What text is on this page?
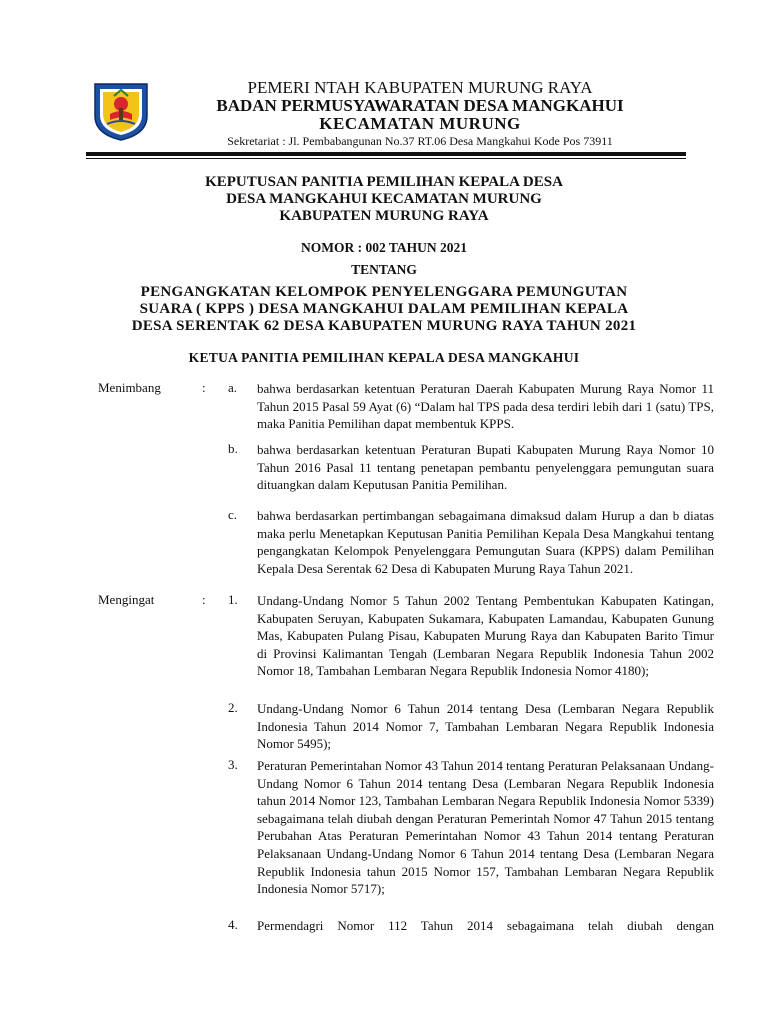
PEMERI NTAH KABUPATEN MURUNG RAYA
BADAN PERMUSYAWARATAN DESA MANGKAHUI
KECAMATAN MURUNG
Sekretariat : Jl. Pembabangunan No.37 RT.06 Desa Mangkahui Kode Pos 73911
KEPUTUSAN PANITIA PEMILIHAN KEPALA DESA
DESA MANGKAHUI KECAMATAN MURUNG
KABUPATEN MURUNG RAYA
NOMOR : 002 TAHUN 2021
TENTANG
PENGANGKATAN KELOMPOK PENYELENGGARA PEMUNGUTAN
SUARA ( KPPS ) DESA MANGKAHUI DALAM PEMILIHAN KEPALA
DESA SERENTAK 62 DESA KABUPATEN MURUNG RAYA TAHUN 2021
KETUA PANITIA PEMILIHAN KEPALA DESA MANGKAHUI
Menimbang	: a. bahwa berdasarkan ketentuan Peraturan Daerah Kabupaten Murung Raya Nomor 11 Tahun 2015 Pasal 59 Ayat (6) “Dalam hal TPS pada desa terdiri lebih dari 1 (satu) TPS, maka Panitia Pemilihan dapat membentuk KPPS.

b. bahwa berdasarkan ketentuan Peraturan Bupati Kabupaten Murung Raya Nomor 10 Tahun 2016 Pasal 11 tentang penetapan pembantu penyelenggara pemungutan suara dituangkan dalam Keputusan Panitia Pemilihan.

c. bahwa berdasarkan pertimbangan sebagaimana dimaksud dalam Hurup a dan b diatas maka perlu Menetapkan Keputusan Panitia Pemilihan Kepala Desa Mangkahui tentang pengangkatan Kelompok Penyelenggara Pemungutan Suara (KPPS) dalam Pemilihan Kepala Desa Serentak 62 Desa di Kabupaten Murung Raya Tahun 2021.

Mengingat	: 1. Undang-Undang Nomor 5 Tahun 2002 Tentang Pembentukan Kabupaten Katingan, Kabupaten Seruyan, Kabupaten Sukamara, Kabupaten Lamandau, Kabupaten Gunung Mas, Kabupaten Pulang Pisau, Kabupaten Murung Raya dan Kabupaten Barito Timur di Provinsi Kalimantan Tengah (Lembaran Negara Republik Indonesia Tahun 2002 Nomor 18, Tambahan Lembaran Negara Republik Indonesia Nomor 4180);

2. Undang-Undang Nomor 6 Tahun 2014 tentang Desa (Lembaran Negara Republik Indonesia Tahun 2014 Nomor 7, Tambahan Lembaran Negara Republik Indonesia Nomor 5495);

3. Peraturan Pemerintahan Nomor 43 Tahun 2014 tentang Peraturan Pelaksanaan Undang-Undang Nomor 6 Tahun 2014 tentang Desa (Lembaran Negara Republik Indonesia tahun 2014 Nomor 123, Tambahan Lembaran Negara Republik Indonesia Nomor 5339) sebagaimana telah diubah dengan Peraturan Pemerintah Nomor 47 Tahun 2015 tentang Perubahan Atas Peraturan Pemerintahan Nomor 43 Tahun 2014 tentang Peraturan Pelaksanaan Undang-Undang Nomor 6 Tahun 2014 tentang Desa (Lembaran Negara Republik Indonesia tahun 2015 Nomor 157, Tambahan Lembaran Negara Republik Indonesia Nomor 5717);

4. Permendagri Nomor 112 Tahun 2014 sebagaimana telah diubah dengan
